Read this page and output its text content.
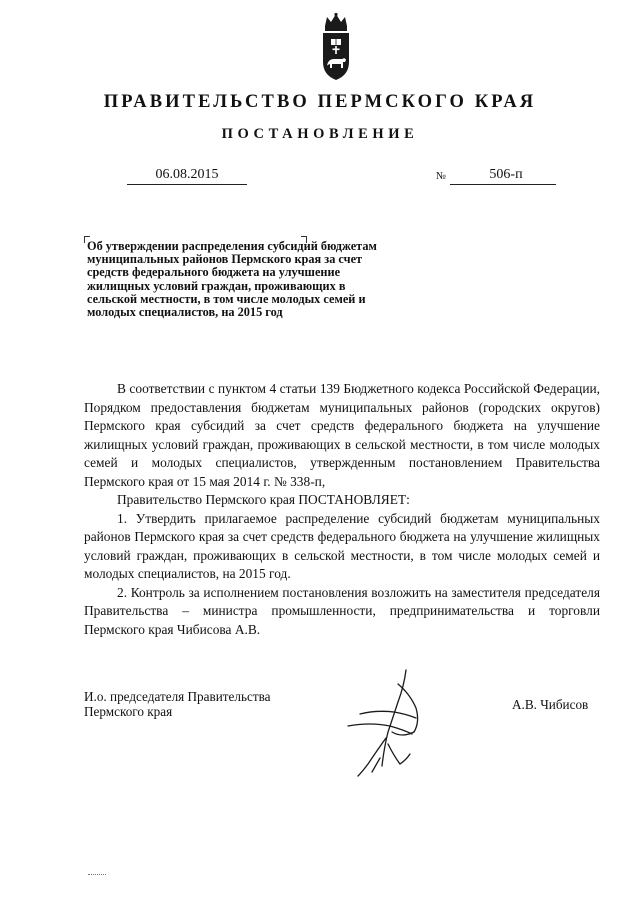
ПРАВИТЕЛЬСТВО ПЕРМСКОГО КРАЯ
ПОСТАНОВЛЕНИЕ
06.08.2015	№	506-п
Об утверждении распределения субсидий бюджетам муниципальных районов Пермского края за счет средств федерального бюджета на улучшение жилищных условий граждан, проживающих в сельской местности, в том числе молодых семей и молодых специалистов, на 2015 год

В соответствии с пунктом 4 статьи 139 Бюджетного кодекса Российской Федерации, Порядком предоставления бюджетам муниципальных районов (городских округов) Пермского края субсидий за счет средств федерального бюджета на улучшение жилищных условий граждан, проживающих в сельской местности, в том числе молодых семей и молодых специалистов, утвержденным постановлением Правительства Пермского края от 15 мая 2014 г. № 338-п,

Правительство Пермского края ПОСТАНОВЛЯЕТ:

1. Утвердить прилагаемое распределение субсидий бюджетам муниципальных районов Пермского края за счет средств федерального бюджета на улучшение жилищных условий граждан, проживающих в сельской местности, в том числе молодых семей и молодых специалистов, на 2015 год.

2. Контроль за исполнением постановления возложить на заместителя председателя Правительства – министра промышленности, предпринимательства и торговли Пермского края Чибисова А.В.

И.о. председателя Правительства
Пермского края	А.В. Чибисов
